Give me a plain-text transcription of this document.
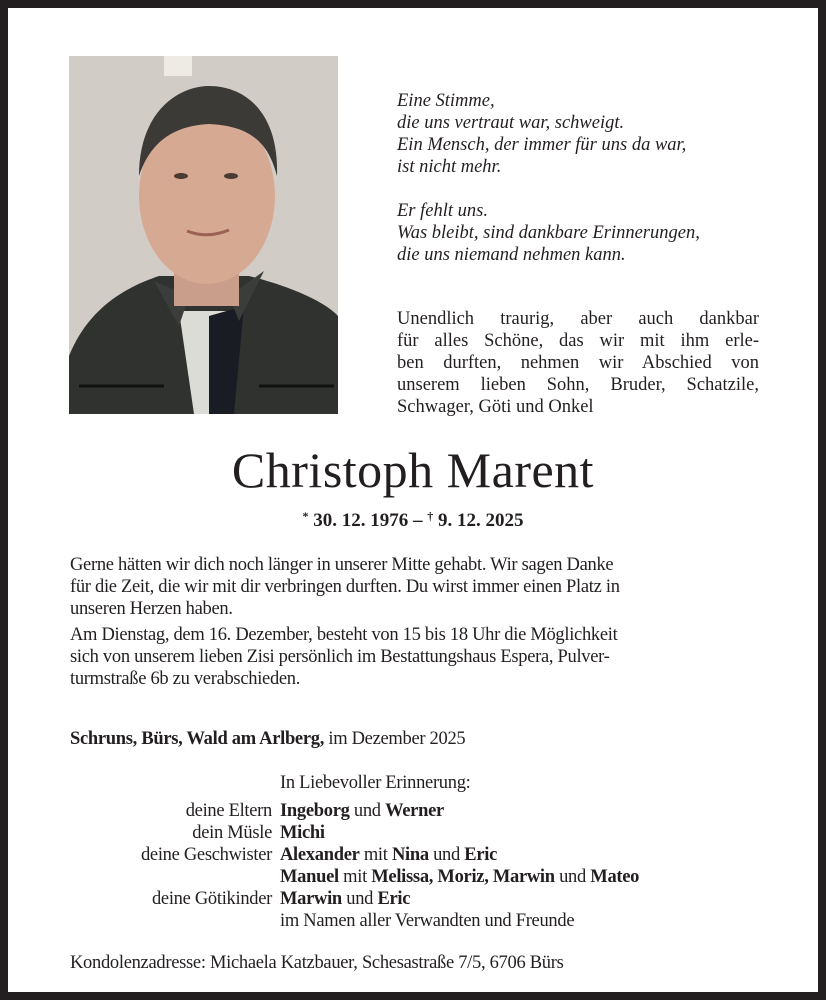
Eine Stimme,
die uns vertraut war, schweigt.
Ein Mensch, der immer für uns da war,
ist nicht mehr.
Er fehlt uns.
Was bleibt, sind dankbare Erinnerungen,
die uns niemand nehmen kann.
Unendlich traurig, aber auch dankbar
für alles Schöne, das wir mit ihm erle-
ben durften, nehmen wir Abschied von
unserem lieben Sohn, Bruder, Schatzile,
Schwager, Göti und Onkel
Christoph Marent
* 30. 12. 1976 – † 9. 12. 2025
Gerne hätten wir dich noch länger in unserer Mitte gehabt. Wir sagen Danke
für die Zeit, die wir mit dir verbringen durften. Du wirst immer einen Platz in
unseren Herzen haben.
Am Dienstag, dem 16. Dezember, besteht von 15 bis 18 Uhr die Möglichkeit
sich von unserem lieben Zisi persönlich im Bestattungshaus Espera, Pulver-
turmstraße 6b zu verabschieden.
Schruns, Bürs, Wald am Arlberg, im Dezember 2025
In Liebevoller Erinnerung:
deine Eltern Ingeborg und Werner
dein Müsle Michi
deine Geschwister Alexander mit Nina und Eric
Manuel mit Melissa, Moriz, Marwin und Mateo
deine Götikinder Marwin und Eric
im Namen aller Verwandten und Freunde
Kondolenzadresse: Michaela Katzbauer, Schesastraße 7/5, 6706 Bürs
